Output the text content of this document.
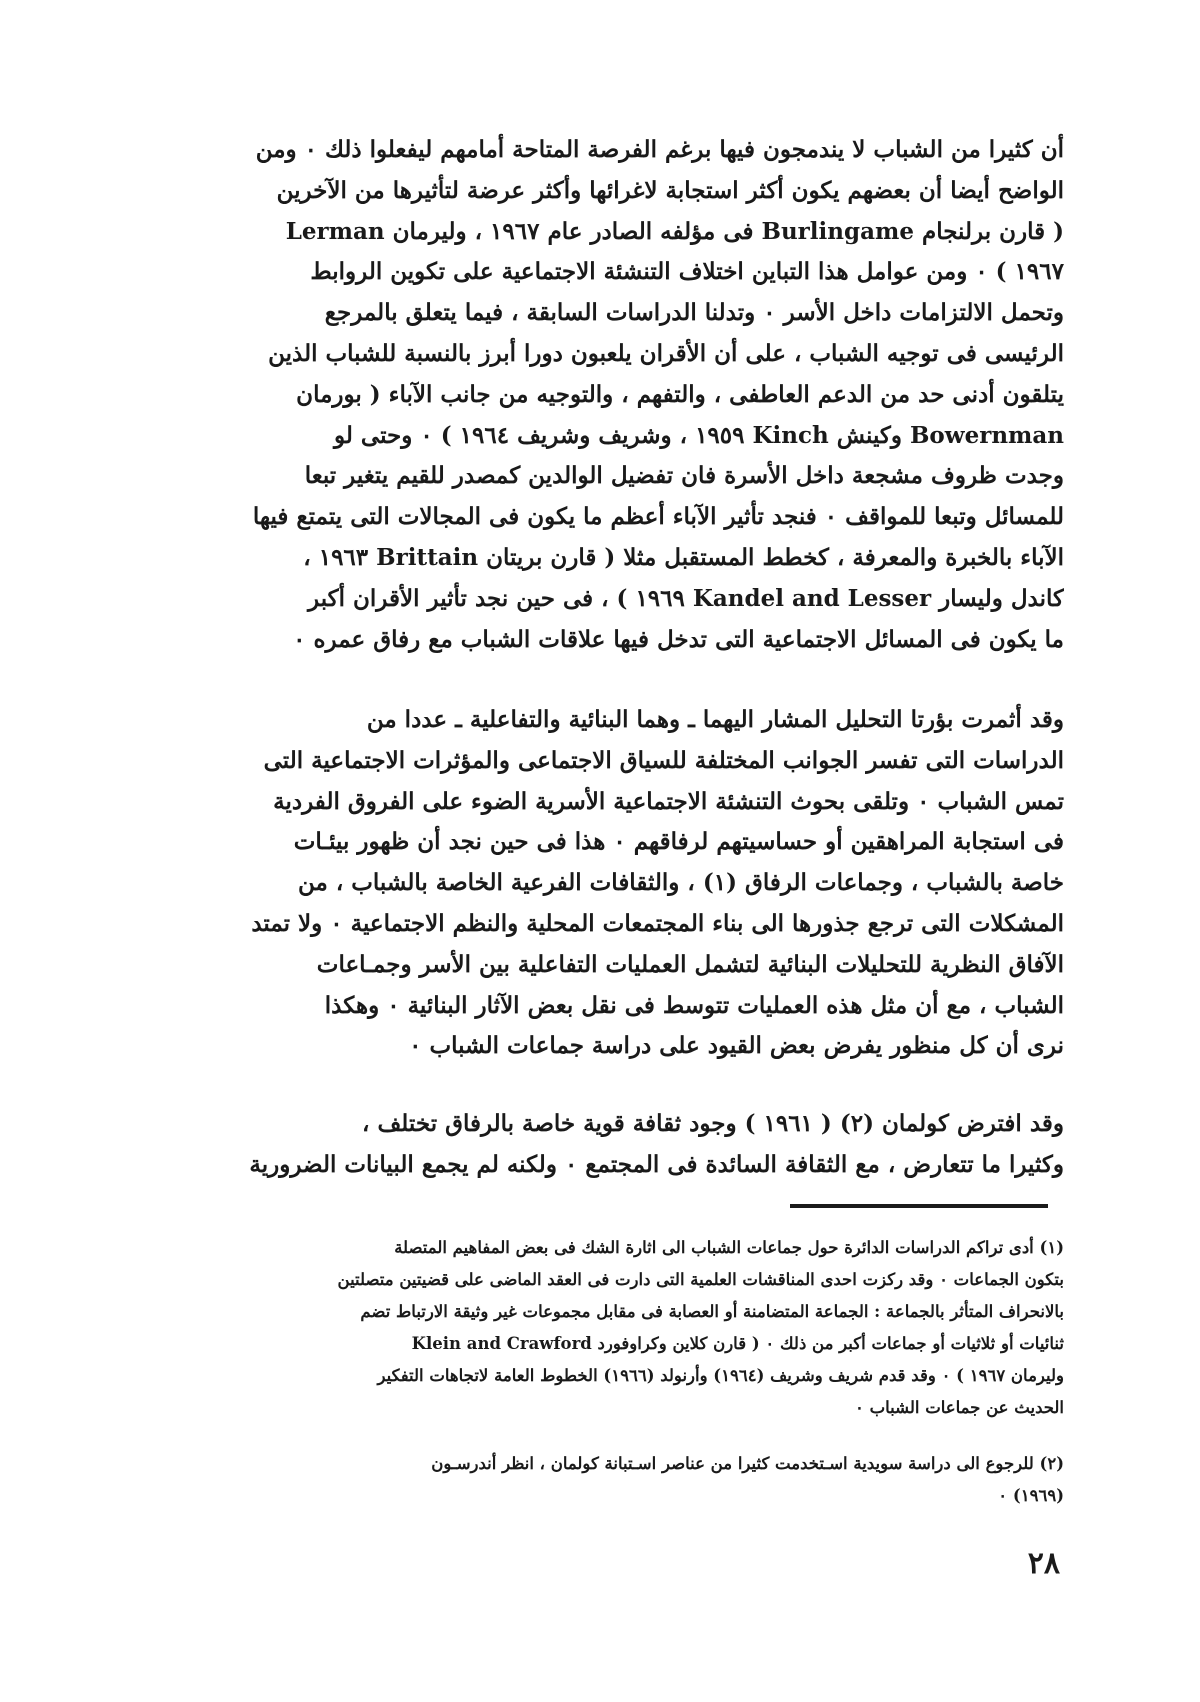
أن كثيرا من الشباب لا يندمجون فيها برغم الفرصة المتاحة أمامهم ليفعلوا ذلك ٠ ومن
الواضح أيضا أن بعضهم يكون أكثر استجابة لاغرائها وأكثر عرضة لتأثيرها من الآخرين
( قارن برلنجام Burlingame فى مؤلفه الصادر عام ١٩٦٧ ، وليرمان Lerman
١٩٦٧ ) ٠ ومن عوامل هذا التباين اختلاف التنشئة الاجتماعية على تكوين الروابط
وتحمل الالتزامات داخل الأسر ٠ وتدلنا الدراسات السابقة ، فيما يتعلق بالمرجع
الرئيسى فى توجيه الشباب ، على أن الأقران يلعبون دورا أبرز بالنسبة للشباب الذين
يتلقون أدنى حد من الدعم العاطفى ، والتفهم ، والتوجيه من جانب الآباء ( بورمان
Bowernman وكينش Kinch ١٩٥٩ ، وشريف وشريف ١٩٦٤ ) ٠ وحتى لو
وجدت ظروف مشجعة داخل الأسرة فان تفضيل الوالدين كمصدر للقيم يتغير تبعا
للمسائل وتبعا للمواقف ٠ فنجد تأثير الآباء أعظم ما يكون فى المجالات التى يتمتع فيها
الآباء بالخبرة والمعرفة ، كخطط المستقبل مثلا ( قارن بريتان Brittain ١٩٦٣ ،
كاندل وليسار Kandel and Lesser ١٩٦٩ ) ، فى حين نجد تأثير الأقران أكبر
ما يكون فى المسائل الاجتماعية التى تدخل فيها علاقات الشباب مع رفاق عمره ٠
وقد أثمرت بؤرتا التحليل المشار اليهما ـ وهما البنائية والتفاعلية ـ عددا من
الدراسات التى تفسر الجوانب المختلفة للسياق الاجتماعى والمؤثرات الاجتماعية التى
تمس الشباب ٠ وتلقى بحوث التنشئة الاجتماعية الأسرية الضوء على الفروق الفردية
فى استجابة المراهقين أو حساسيتهم لرفاقهم ٠ هذا فى حين نجد أن ظهور بيئـات
خاصة بالشباب ، وجماعات الرفاق (١) ، والثقافات الفرعية الخاصة بالشباب ، من
المشكلات التى ترجع جذورها الى بناء المجتمعات المحلية والنظم الاجتماعية ٠ ولا تمتد
الآفاق النظرية للتحليلات البنائية لتشمل العمليات التفاعلية بين الأسر وجمـاعات
الشباب ، مع أن مثل هذه العمليات تتوسط فى نقل بعض الآثار البنائية ٠ وهكذا
نرى أن كل منظور يفرض بعض القيود على دراسة جماعات الشباب ٠
وقد افترض كولمان (٢) ( ١٩٦١ ) وجود ثقافة قوية خاصة بالرفاق تختلف ،
وكثيرا ما تتعارض ، مع الثقافة السائدة فى المجتمع ٠ ولكنه لم يجمع البيانات الضرورية
(١) أدى تراكم الدراسات الدائرة حول جماعات الشباب الى اثارة الشك فى بعض المفاهيم المتصلة
بتكون الجماعات ٠ وقد ركزت احدى المناقشات العلمية التى دارت فى العقد الماضى على قضيتين متصلتين
بالانحراف المتأثر بالجماعة : الجماعة المتضامنة أو العصابة فى مقابل مجموعات غير وثيقة الارتباط تضم
ثنائيات أو ثلاثيات أو جماعات أكبر من ذلك ٠ ( قارن كلاين وكراوفورد Klein and Crawford
وليرمان ١٩٦٧ ) ٠ وقد قدم شريف وشريف (١٩٦٤) وأرنولد (١٩٦٦) الخطوط العامة لاتجاهات التفكير
الحديث عن جماعات الشباب ٠
(٢) للرجوع الى دراسة سويدية اسـتخدمت كثيرا من عناصر اسـتبانة كولمان ، انظر أندرسـون
(١٩٦٩) ٠
٢٨
